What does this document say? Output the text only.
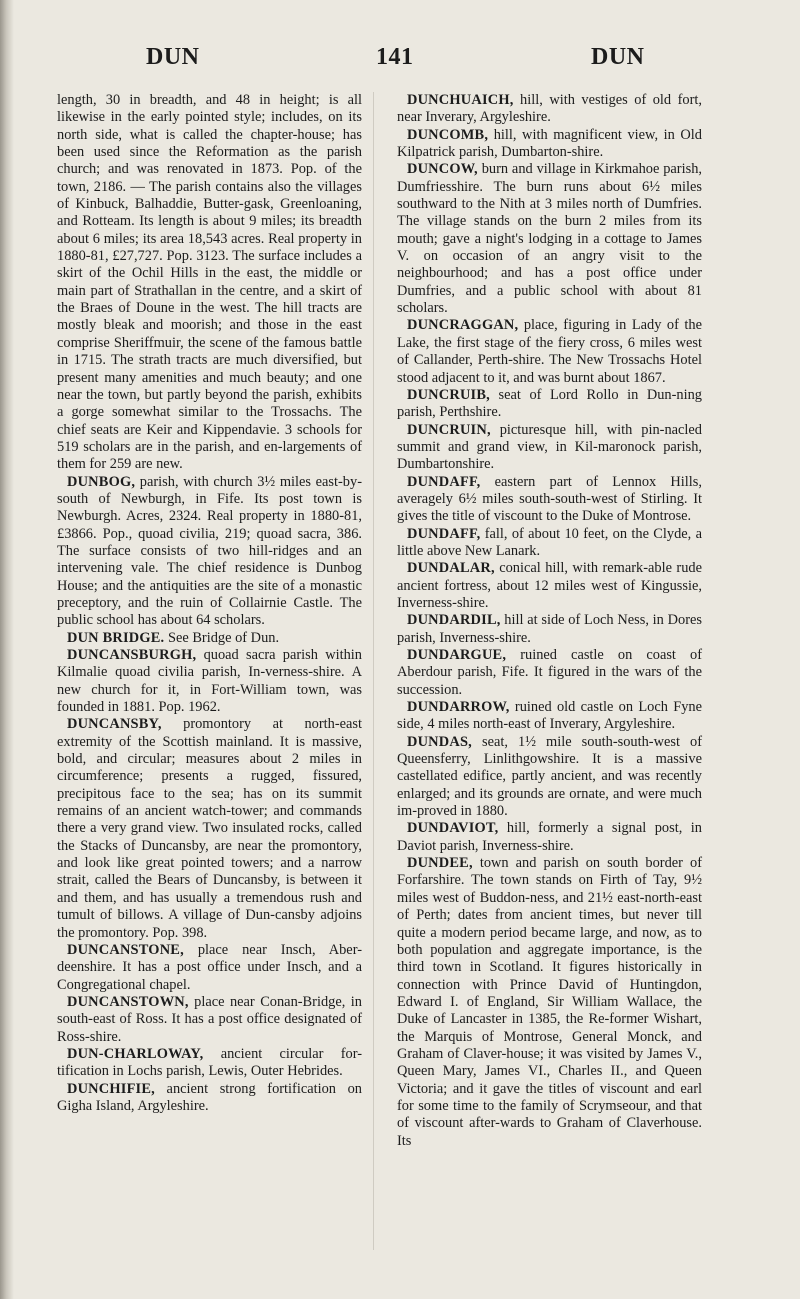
DUN	141	DUN

length, 30 in breadth, and 48 in height; is all likewise in the early pointed style; includes, on its north side, what is called the chapter-house; has been used since the Reformation as the parish church; and was renovated in 1873. Pop. of the town, 2186. — The parish contains also the villages of Kinbuck, Balhaddie, Butter-gask, Greenloaning, and Rotteam. Its length is about 9 miles; its breadth about 6 miles; its area 18,543 acres. Real property in 1880-81, £27,727. Pop. 3123. The surface includes a skirt of the Ochil Hills in the east, the middle or main part of Strathallan in the centre, and a skirt of the Braes of Doune in the west. The hill tracts are mostly bleak and moorish; and those in the east comprise Sheriffmuir, the scene of the famous battle in 1715. The strath tracts are much diversified, but present many amenities and much beauty; and one near the town, but partly beyond the parish, exhibits a gorge somewhat similar to the Trossachs. The chief seats are Keir and Kippendavie. 3 schools for 519 scholars are in the parish, and en-largements of them for 259 are new.

DUNBOG, parish, with church 3½ miles east-by-south of Newburgh, in Fife. Its post town is Newburgh. Acres, 2324. Real property in 1880-81, £3866. Pop., quoad civilia, 219; quoad sacra, 386. The surface consists of two hill-ridges and an intervening vale. The chief residence is Dunbog House; and the antiquities are the site of a monastic preceptory, and the ruin of Collairnie Castle. The public school has about 64 scholars.

DUN BRIDGE. See Bridge of Dun.

DUNCANSBURGH, quoad sacra parish within Kilmalie quoad civilia parish, In-verness-shire. A new church for it, in Fort-William town, was founded in 1881. Pop. 1962.

DUNCANSBY, promontory at north-east extremity of the Scottish mainland. It is massive, bold, and circular; measures about 2 miles in circumference; presents a rugged, fissured, precipitous face to the sea; has on its summit remains of an ancient watch-tower; and commands there a very grand view. Two insulated rocks, called the Stacks of Duncansby, are near the promontory, and look like great pointed towers; and a narrow strait, called the Bears of Duncansby, is between it and them, and has usually a tremendous rush and tumult of billows. A village of Dun-cansby adjoins the promontory. Pop. 398.

DUNCANSTONE, place near Insch, Aber-deenshire. It has a post office under Insch, and a Congregational chapel.

DUNCANSTOWN, place near Conan-Bridge, in south-east of Ross. It has a post office designated of Ross-shire.

DUN-CHARLOWAY, ancient circular for-tification in Lochs parish, Lewis, Outer Hebrides.

DUNCHIFIE, ancient strong fortification on Gigha Island, Argyleshire.

DUNCHUAICH, hill, with vestiges of old fort, near Inverary, Argyleshire.

DUNCOMB, hill, with magnificent view, in Old Kilpatrick parish, Dumbarton-shire.

DUNCOW, burn and village in Kirkmahoe parish, Dumfriesshire. The burn runs about 6½ miles southward to the Nith at 3 miles north of Dumfries. The village stands on the burn 2 miles from its mouth; gave a night's lodging in a cottage to James V. on occasion of an angry visit to the neighbourhood; and has a post office under Dumfries, and a public school with about 81 scholars.

DUNCRAGGAN, place, figuring in Lady of the Lake, the first stage of the fiery cross, 6 miles west of Callander, Perth-shire. The New Trossachs Hotel stood adjacent to it, and was burnt about 1867.

DUNCRUIB, seat of Lord Rollo in Dun-ning parish, Perthshire.

DUNCRUIN, picturesque hill, with pin-nacled summit and grand view, in Kil-maronock parish, Dumbartonshire.

DUNDAFF, eastern part of Lennox Hills, averagely 6½ miles south-south-west of Stirling. It gives the title of viscount to the Duke of Montrose.

DUNDAFF, fall, of about 10 feet, on the Clyde, a little above New Lanark.

DUNDALAR, conical hill, with remark-able rude ancient fortress, about 12 miles west of Kingussie, Inverness-shire.

DUNDARDIL, hill at side of Loch Ness, in Dores parish, Inverness-shire.

DUNDARGUE, ruined castle on coast of Aberdour parish, Fife. It figured in the wars of the succession.

DUNDARROW, ruined old castle on Loch Fyne side, 4 miles north-east of Inverary, Argyleshire.

DUNDAS, seat, 1½ mile south-south-west of Queensferry, Linlithgowshire. It is a massive castellated edifice, partly ancient, and was recently enlarged; and its grounds are ornate, and were much im-proved in 1880.

DUNDAVIOT, hill, formerly a signal post, in Daviot parish, Inverness-shire.

DUNDEE, town and parish on south border of Forfarshire. The town stands on Firth of Tay, 9½ miles west of Buddon-ness, and 21½ east-north-east of Perth; dates from ancient times, but never till quite a modern period became large, and now, as to both population and aggregate importance, is the third town in Scotland. It figures historically in connection with Prince David of Huntingdon, Edward I. of England, Sir William Wallace, the Duke of Lancaster in 1385, the Re-former Wishart, the Marquis of Montrose, General Monck, and Graham of Claver-house; it was visited by James V., Queen Mary, James VI., Charles II., and Queen Victoria; and it gave the titles of viscount and earl for some time to the family of Scrymseour, and that of viscount after-wards to Graham of Claverhouse. Its
